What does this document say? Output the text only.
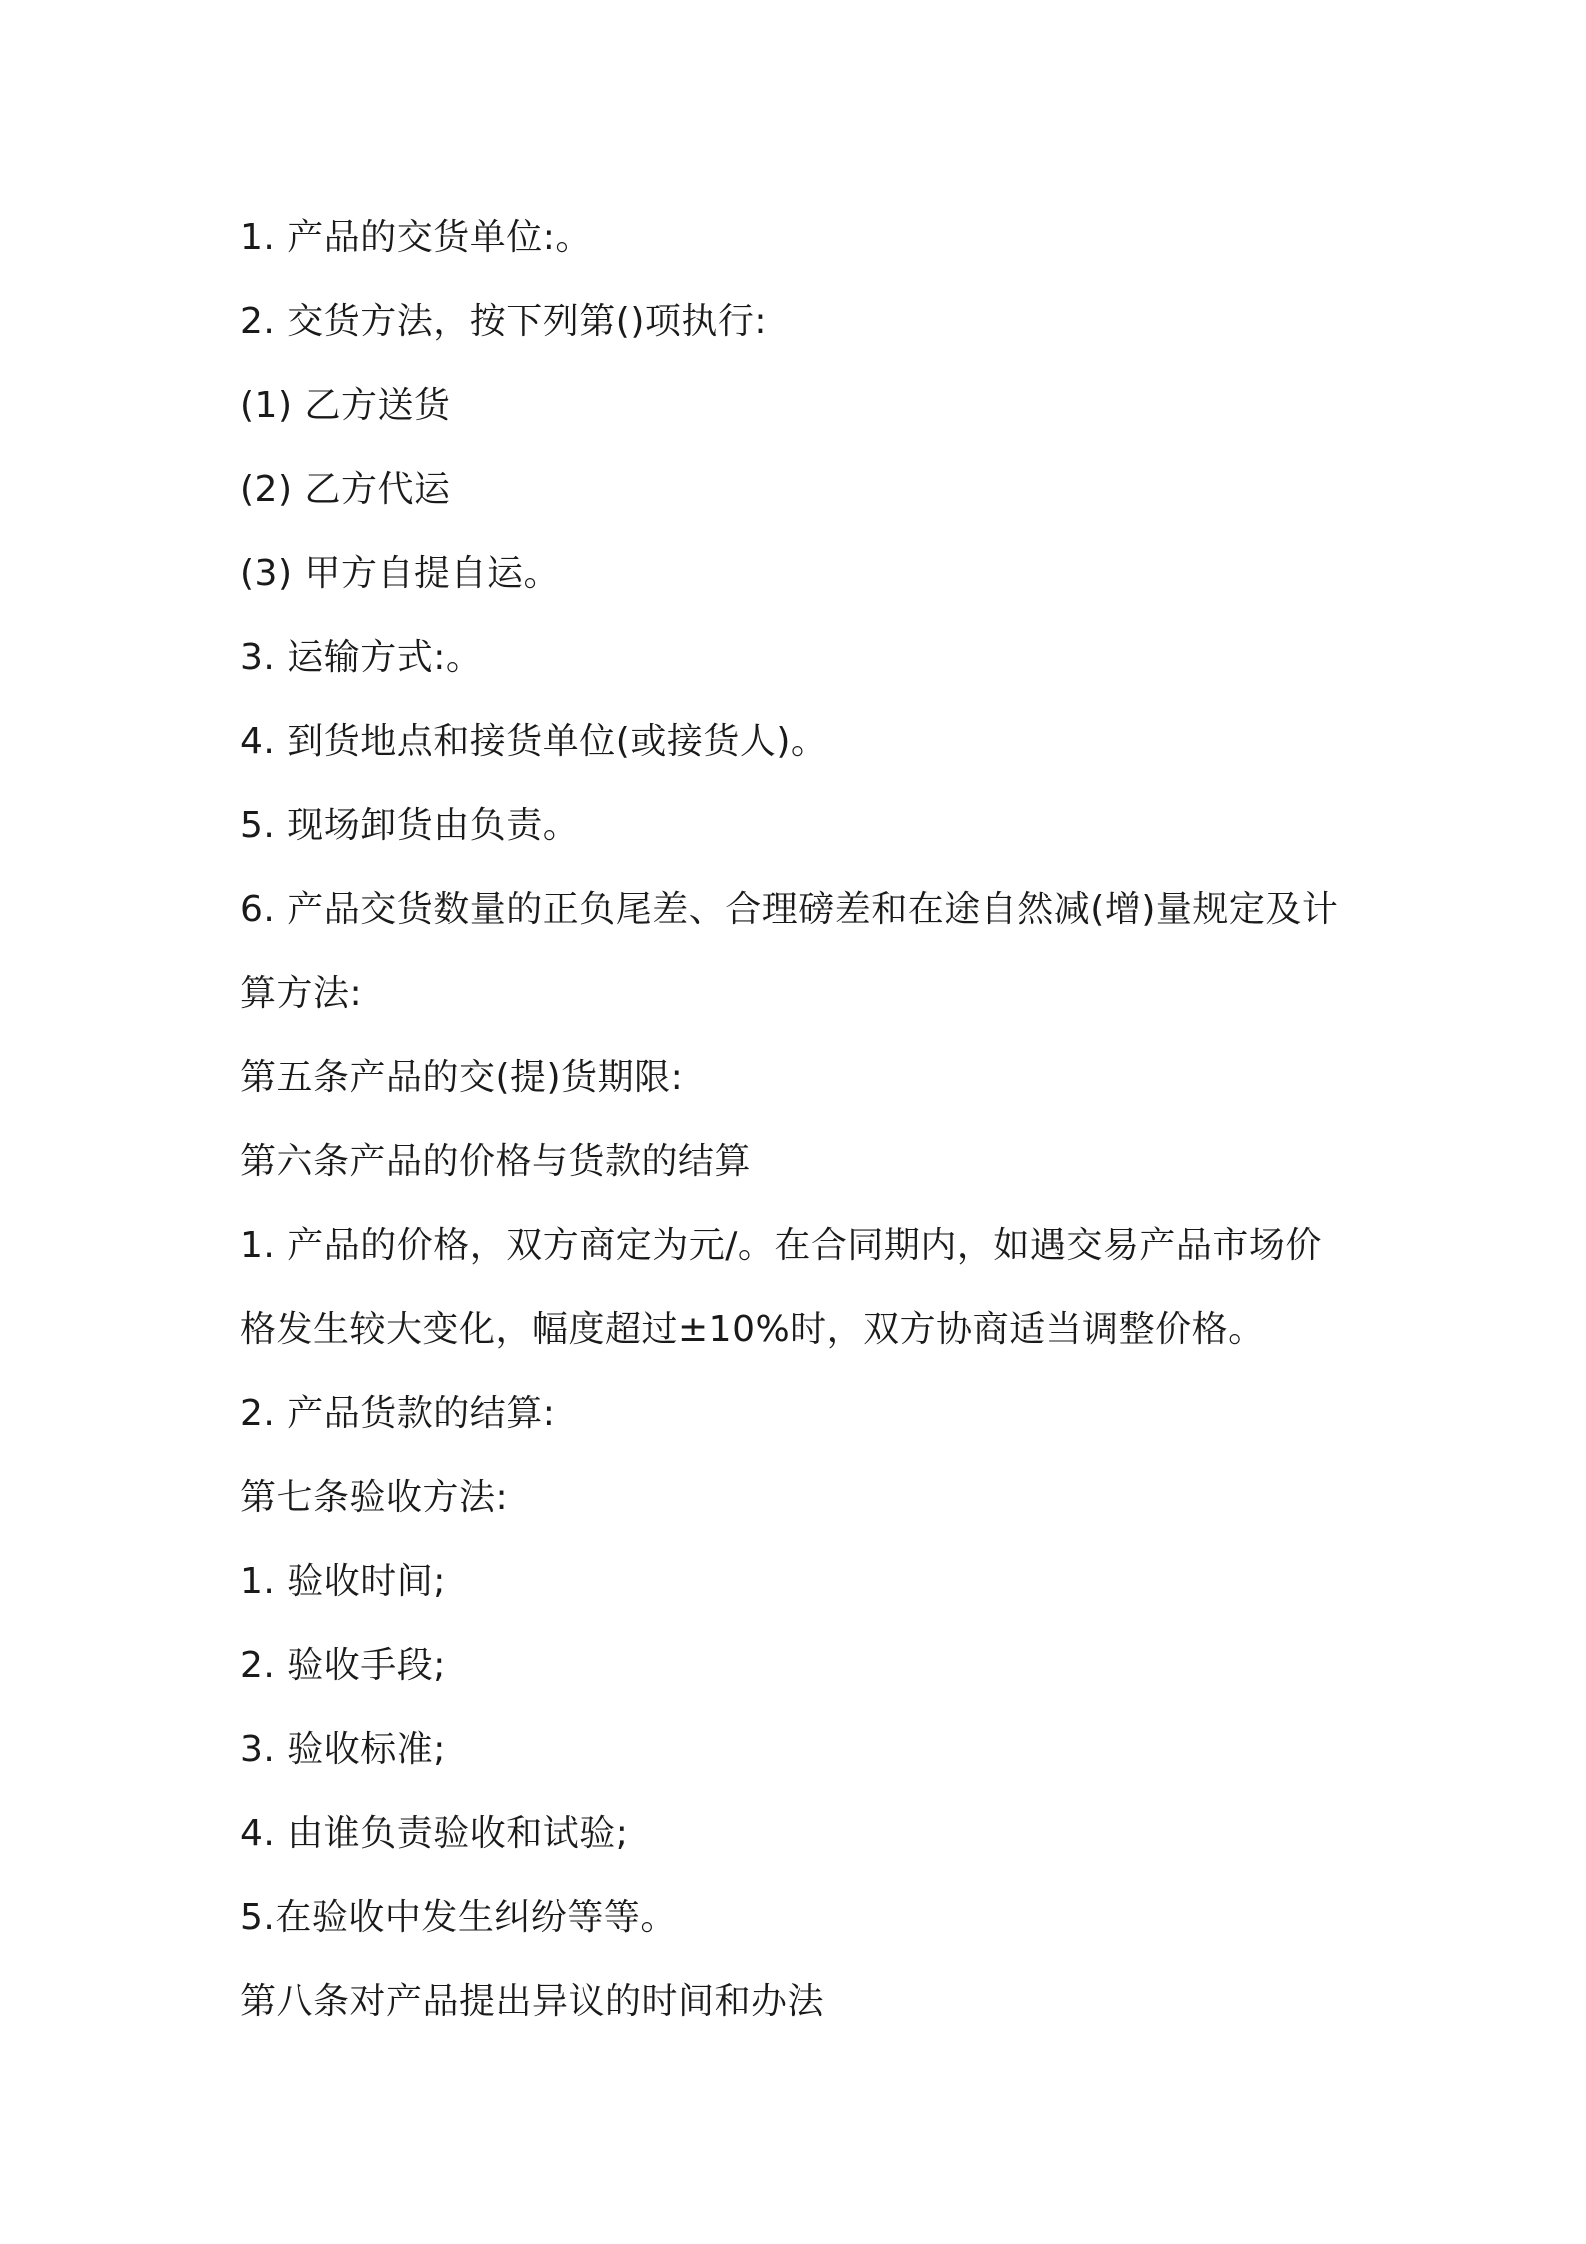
1. 产品的交货单位:。
2. 交货方法，按下列第()项执行:
(1) 乙方送货
(2) 乙方代运
(3) 甲方自提自运。
3. 运输方式:。
4. 到货地点和接货单位(或接货人)。
5. 现场卸货由负责。
6. 产品交货数量的正负尾差、合理磅差和在途自然减(增)量规定及计
算方法:
第五条产品的交(提)货期限:
第六条产品的价格与货款的结算
1. 产品的价格，双方商定为元/。在合同期内，如遇交易产品市场价
格发生较大变化，幅度超过±10%时，双方协商适当调整价格。
2. 产品货款的结算:
第七条验收方法:
1. 验收时间;
2. 验收手段;
3. 验收标准;
4. 由谁负责验收和试验;
5.在验收中发生纠纷等等。
第八条对产品提出异议的时间和办法
